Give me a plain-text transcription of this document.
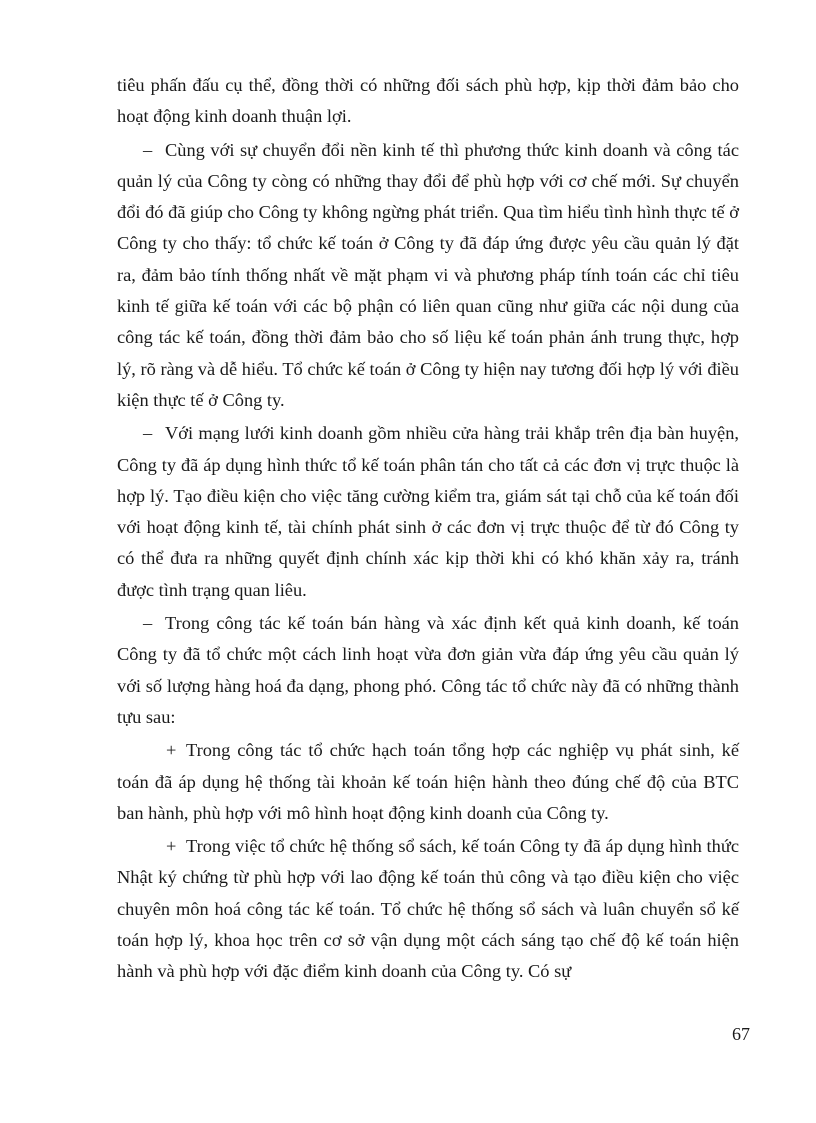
tiêu phấn đấu cụ thể, đồng thời có những đối sách phù hợp, kịp thời đảm bảo cho hoạt động kinh doanh thuận lợi.

– Cùng với sự chuyển đổi nền kinh tế thì phương thức kinh doanh và công tác quản lý của Công ty còng có những thay đổi để phù hợp với cơ chế mới. Sự chuyển đổi đó đã giúp cho Công ty không ngừng phát triển. Qua tìm hiểu tình hình thực tế ở Công ty cho thấy: tổ chức kế toán ở Công ty đã đáp ứng được yêu cầu quản lý đặt ra, đảm bảo tính thống nhất về mặt phạm vi và phương pháp tính toán các chỉ tiêu kinh tế giữa kế toán với các bộ phận có liên quan cũng như giữa các nội dung của công tác kế toán, đồng thời đảm bảo cho số liệu kế toán phản ánh trung thực, hợp lý, rõ ràng và dễ hiểu. Tổ chức kế toán ở Công ty hiện nay tương đối hợp lý với điều kiện thực tế ở Công ty.

– Với mạng lưới kinh doanh gồm nhiều cửa hàng trải khắp trên địa bàn huyện, Công ty đã áp dụng hình thức tổ kế toán phân tán cho tất cả các đơn vị trực thuộc là hợp lý. Tạo điều kiện cho việc tăng cường kiểm tra, giám sát tại chỗ của kế toán đối với hoạt động kinh tế, tài chính phát sinh ở các đơn vị trực thuộc để từ đó Công ty có thể đưa ra những quyết định chính xác kịp thời khi có khó khăn xảy ra, tránh được tình trạng quan liêu.

– Trong công tác kế toán bán hàng và xác định kết quả kinh doanh, kế toán Công ty đã tổ chức một cách linh hoạt vừa đơn giản vừa đáp ứng yêu cầu quản lý với số lượng hàng hoá đa dạng, phong phó. Công tác tổ chức này đã có những thành tựu sau:

+ Trong công tác tổ chức hạch toán tổng hợp các nghiệp vụ phát sinh, kế toán đã áp dụng hệ thống tài khoản kế toán hiện hành theo đúng chế độ của BTC ban hành, phù hợp với mô hình hoạt động kinh doanh của Công ty.

+ Trong việc tổ chức hệ thống sổ sách, kế toán Công ty đã áp dụng hình thức Nhật ký chứng từ phù hợp với lao động kế toán thủ công và tạo điều kiện cho việc chuyên môn hoá công tác kế toán. Tổ chức hệ thống sổ sách và luân chuyển sổ kế toán hợp lý, khoa học trên cơ sở vận dụng một cách sáng tạo chế độ kế toán hiện hành và phù hợp với đặc điểm kinh doanh của Công ty. Có sự

67
